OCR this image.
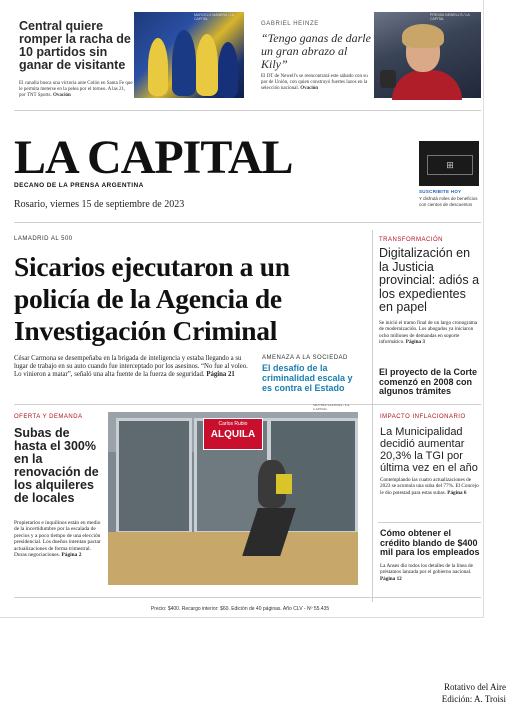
Central quiere romper la racha de 10 partidos sin ganar de visitante
El canalla busca una victoria ante Colón en Santa Fe que le permita meterse en la pelea por el torneo. A las 21, por TNT Sports. Ovación
MARCELO MANERA / LA CAPITAL
GABRIEL HEINZE
“Tengo ganas de darle un gran abrazo al Kily”
El DT de Newell's se reencontrará este sábado con su par de Unión, con quien construyó fuertes lazos en la selección nacional. Ovación
PRENSA NEWELL'S / LA CAPITAL
LA CAPITAL
DECANO DE LA PRENSA ARGENTINA
Rosario, viernes 15 de septiembre de 2023
⊞
SUSCRIBITE HOY
Y disfrutá miles de beneficios con cientos de descuentos
LAMADRID AL 500
Sicarios ejecutaron a un policía de la Agencia de Investigación Criminal
César Carmona se desempeñaba en la brigada de inteligencia y estaba llegando a su lugar de trabajo en su auto cuando fue interceptado por los asesinos. “No fue al voleo. Lo vinieron a matar”, señaló una alta fuente de la fuerza de seguridad. Página 21
AMENAZA A LA SOCIEDAD
El desafío de la criminalidad escala y es contra el Estado
TRANSFORMACIÓN
Digitalización en la Justicia provincial: adiós a los expedientes en papel
Se inició el tramo final de un largo cronograma de modernización. Los abogados ya iniciaron ocho millones de demandas en soporte informático. Página 3
El proyecto de la Corte comenzó en 2008 con algunos trámites
OFERTA Y DEMANDA
Subas de hasta el 300% en la renovación de los alquileres de locales
Propietarios e inquilinos están en medio de la incertidumbre por la escalada de precios y a poco tiempo de una elección presidencial. Los dueños intentan pactar actualizaciones de forma trimestral. Duras negociaciones. Página 2
SILVINA SALINAS / LA CAPITAL
Carlos Rubio
ALQUILA
IMPACTO INFLACIONARIO
La Municipalidad decidió aumentar 20,3% la TGI por última vez en el año
Contemplando las cuatro actualizaciones de 2023 se acumula una suba del 77%. El Concejo le dio potestad para estas subas. Página 6
Cómo obtener el crédito blando de $400 mil para los empleados
La Anses dio todos los detalles de la línea de préstamos lanzada por el gobierno nacional. Página 12
Precio: $400. Recargo interior: $60. Edición de 40 páginas. Año CLV - Nº 55.435
Rotativo del Aire
Edición: A. Troisi
